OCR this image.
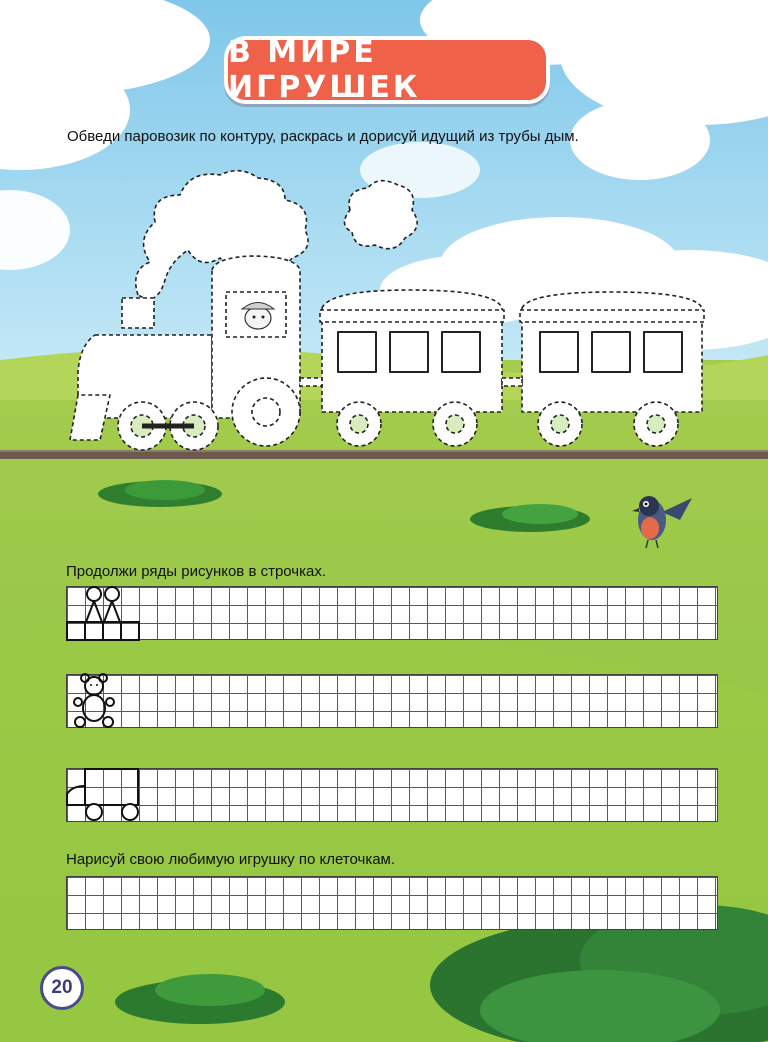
В МИРЕ ИГРУШЕК
Обведи паровозик по контуру, раскрась и дорисуй идущий из трубы дым.
Продолжи ряды рисунков в строчках.
Нарисуй свою любимую игрушку по клеточкам.
20
